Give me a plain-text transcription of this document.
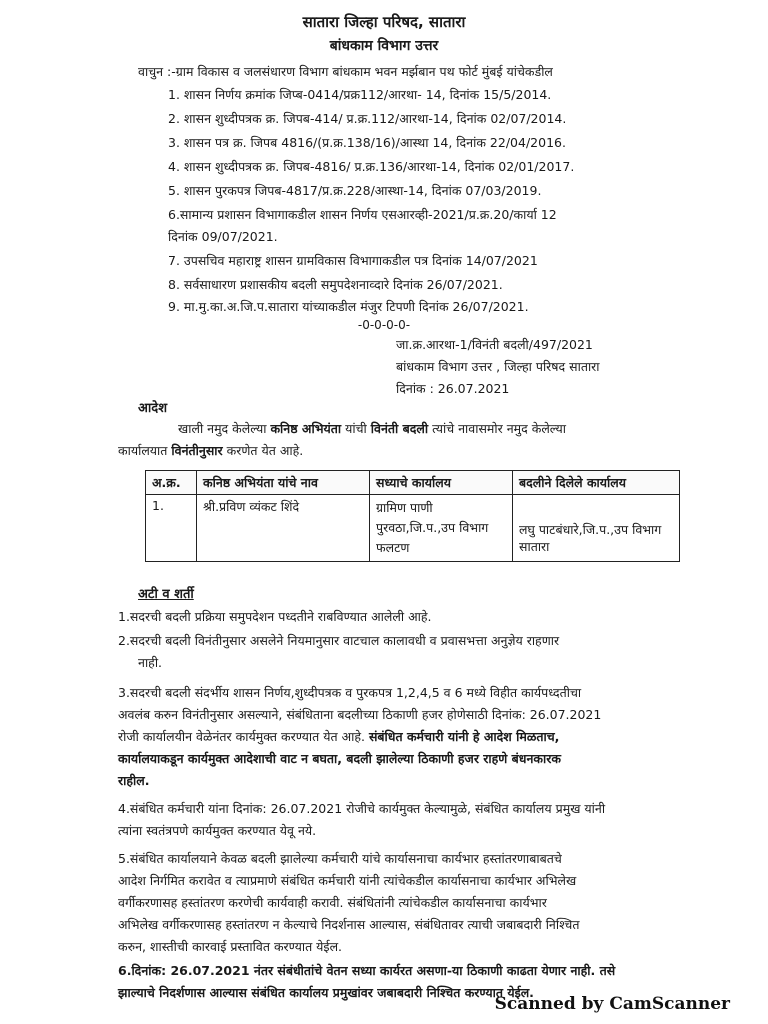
सातारा जिल्हा परिषद, सातारा
बांधकाम विभाग उत्तर
वाचुन :-ग्राम विकास व जलसंधारण विभाग बांधकाम भवन मर्झबान पथ फोर्ट मुंबई यांचेकडील
1. शासन निर्णय क्रमांक जिप्ब-0414/प्रक्र112/आरथा- 14, दिनांक 15/5/2014.
2. शासन शुध्दीपत्रक क्र. जिपब-414/ प्र.क्र.112/आरथा-14, दिनांक 02/07/2014.
3. शासन पत्र क्र. जिपब 4816/(प्र.क्र.138/16)/आस्था 14, दिनांक 22/04/2016.
4. शासन शुध्दीपत्रक क्र. जिपब-4816/ प्र.क्र.136/आरथा-14, दिनांक 02/01/2017.
5. शासन पुरकपत्र जिपब-4817/प्र.क्र.228/आस्था-14, दिनांक 07/03/2019.
6.सामान्य प्रशासन विभागाकडील शासन निर्णय एसआरव्ही-2021/प्र.क्र.20/कार्या 12
दिनांक 09/07/2021.
7. उपसचिव महाराष्ट्र शासन ग्रामविकास विभागाकडील पत्र दिनांक 14/07/2021
8. सर्वसाधारण प्रशासकीय बदली समुपदेशनाव्दारे दिनांक 26/07/2021.
9. मा.मु.का.अ.जि.प.सातारा यांच्याकडील मंजुर टिपणी दिनांक 26/07/2021.
-0-0-0-0-
जा.क्र.आरथा-1/विनंती बदली/497/2021
बांधकाम विभाग उत्तर , जिल्हा परिषद सातारा
दिनांक : 26.07.2021
आदेश
खाली नमुद केलेल्या कनिष्ठ अभियंता यांची विनंती बदली त्यांचे नावासमोर नमुद केलेल्या
कार्यालयात विनंतीनुसार करणेत येत आहे.
अ.क्र.	कनिष्ठ अभियंता यांचे नाव	सध्याचे कार्यालय	बदलीने दिलेले कार्यालय
1.	श्री.प्रविण व्यंकट शिंदे	ग्रामिण पाणी पुरवठा,जि.प.,उप विभाग फलटण	लघु पाटबंधारे,जि.प.,उप विभाग सातारा
अटी व शर्ती
1.सदरची बदली प्रक्रिया समुपदेशन पध्दतीने राबविण्यात आलेली आहे.
2.सदरची बदली विनंतीनुसार असलेने नियमानुसार वाटचाल कालावधी व प्रवासभत्ता अनुज्ञेय राहणार
नाही.
3.सदरची बदली संदर्भीय शासन निर्णय,शुध्दीपत्रक व पुरकपत्र 1,2,4,5 व 6 मध्ये विहीत कार्यपध्दतीचा
अवलंब करुन विनंतीनुसार असल्याने, संबंधिताना बदलीच्या ठिकाणी हजर होणेसाठी दिनांक: 26.07.2021
रोजी कार्यालयीन वेळेनंतर कार्यमुक्त करण्यात येत आहे. संबंधित कर्मचारी यांनी हे आदेश मिळताच,
कार्यालयाकडून कार्यमुक्त आदेशाची वाट न बघता, बदली झालेल्या ठिकाणी हजर राहणे बंधनकारक
राहील.
4.संबंधित कर्मचारी यांना दिनांक: 26.07.2021 रोजीचे कार्यमुक्त केल्यामुळे, संबंधित कार्यालय प्रमुख यांनी
त्यांना स्वतंत्रपणे कार्यमुक्त करण्यात येवू नये.
5.संबंधित कार्यालयाने केवळ बदली झालेल्या कर्मचारी यांचे कार्यासनाचा कार्यभार हस्तांतरणाबाबतचे
आदेश निर्गमित करावेत व त्याप्रमाणे संबंधित कर्मचारी यांनी त्यांचेकडील कार्यासनाचा कार्यभार अभिलेख
वर्गीकरणासह हस्तांतरण करणेची कार्यवाही करावी. संबंधितांनी त्यांचेकडील कार्यासनाचा कार्यभार
अभिलेख वर्गीकरणासह हस्तांतरण न केल्याचे निदर्शनास आल्यास, संबंधितावर त्याची जबाबदारी निश्चित
करुन, शास्तीची कारवाई प्रस्तावित करण्यात येईल.
6.दिनांक: 26.07.2021 नंतर संबंधीतांचे वेतन सध्या कार्यरत असणा-या ठिकाणी काढता येणार नाही. तसे
झाल्याचे निदर्शणास आल्यास संबंधित कार्यालय प्रमुखांवर जबाबदारी निश्चित करण्यात येईल.
Scanned by CamScanner
